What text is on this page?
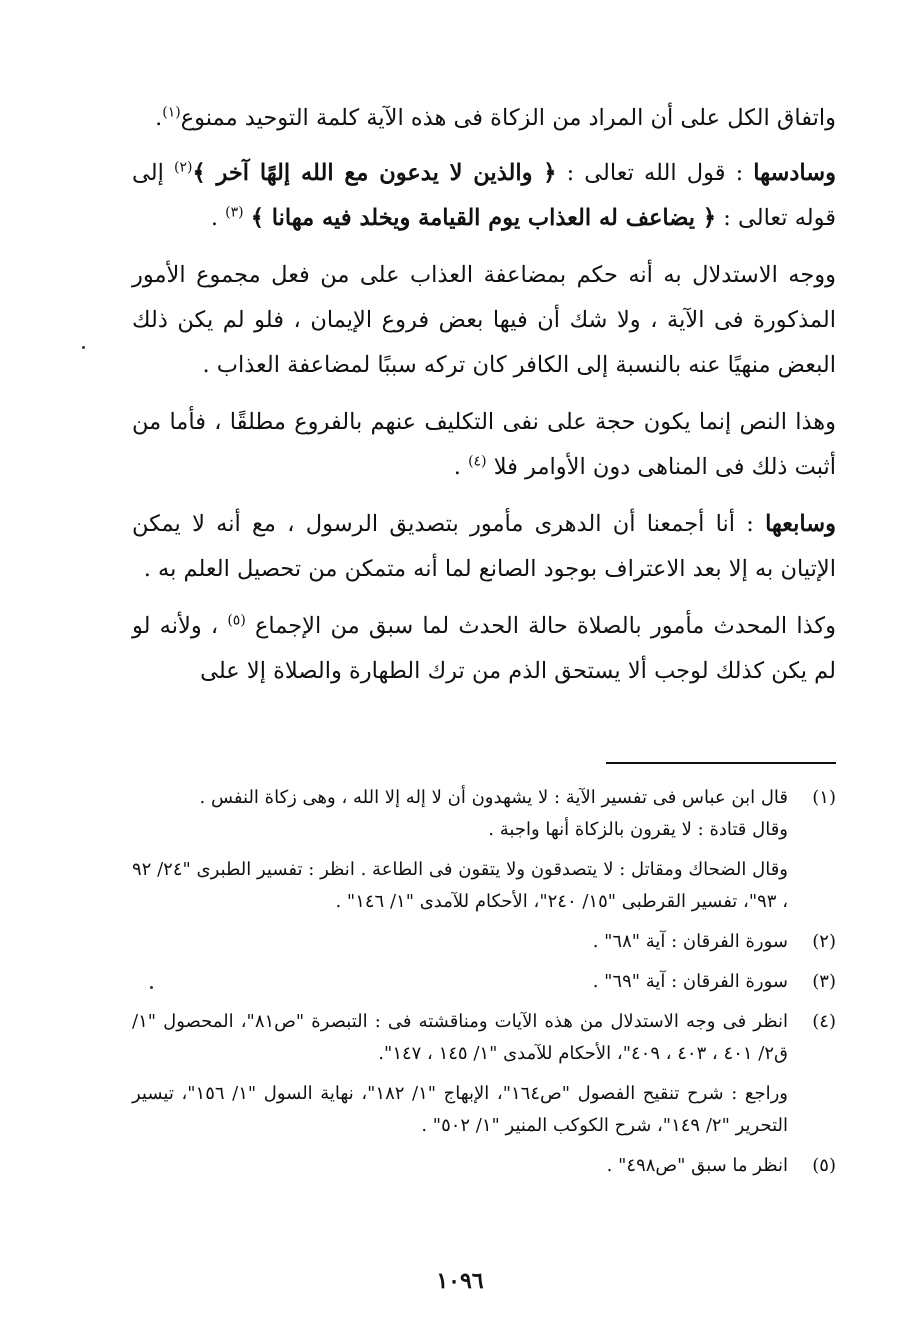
واتفاق الكل على أن المراد من الزكاة فى هذه الآية كلمة التوحيد ممنوع$^{(١)}$.

وسادسها : قول الله تعالى : ﴿ والذين لا يدعون مع الله إلهًا آخر ﴾$^{(٢)}$ إلى قوله تعالى : ﴿ يضاعف له العذاب يوم القيامة ويخلد فيه مهانا ﴾ $^{(٣)}$ .

ووجه الاستدلال به أنه حكم بمضاعفة العذاب على من فعل مجموع الأمور المذكورة فى الآية ، ولا شك أن فيها بعض فروع الإيمان ، فلو لم يكن ذلك البعض منهيًا عنه بالنسبة إلى الكافر كان تركه سببًا لمضاعفة العذاب .

وهذا النص إنما يكون حجة على نفى التكليف عنهم بالفروع مطلقًا ، فأما من أثبت ذلك فى المناهى دون الأوامر فلا $^{(٤)}$ .

وسابعها : أنا أجمعنا أن الدهرى مأمور بتصديق الرسول ، مع أنه لا يمكن الإتيان به إلا بعد الاعتراف بوجود الصانع لما أنه متمكن من تحصيل العلم به .

وكذا المحدث مأمور بالصلاة حالة الحدث لما سبق من الإجماع $^{(٥)}$ ، ولأنه لو لم يكن كذلك لوجب ألا يستحق الذم من ترك الطهارة والصلاة إلا على

(١)
قال ابن عباس فى تفسير الآية : لا يشهدون أن لا إله إلا الله ، وهى زكاة النفس .
وقال قتادة : لا يقرون بالزكاة أنها واجبة .
وقال الضحاك ومقاتل : لا يتصدقون ولا يتقون فى الطاعة . انظر : تفسير الطبرى "٢٤/ ٩٢ ، ٩٣"، تفسير القرطبى "١٥/ ٢٤٠"، الأحكام للآمدى "١/ ١٤٦" .
(٢)
سورة الفرقان : آية "٦٨" .
(٣)
سورة الفرقان : آية "٦٩" .
(٤)
انظر فى وجه الاستدلال من هذه الآيات ومناقشته فى : التبصرة "ص٨١"، المحصول "١/ق٢/ ٤٠١ ، ٤٠٣ ، ٤٠٩"، الأحكام للآمدى "١/ ١٤٥ ، ١٤٧".
وراجع : شرح تنقيح الفصول "ص١٦٤"، الإبهاج "١/ ١٨٢"، نهاية السول "١/ ١٥٦"، تيسير التحرير "٢/ ١٤٩"، شرح الكوكب المنير "١/ ٥٠٢" .
(٥)
انظر ما سبق "ص٤٩٨" .
١٠٩٦
